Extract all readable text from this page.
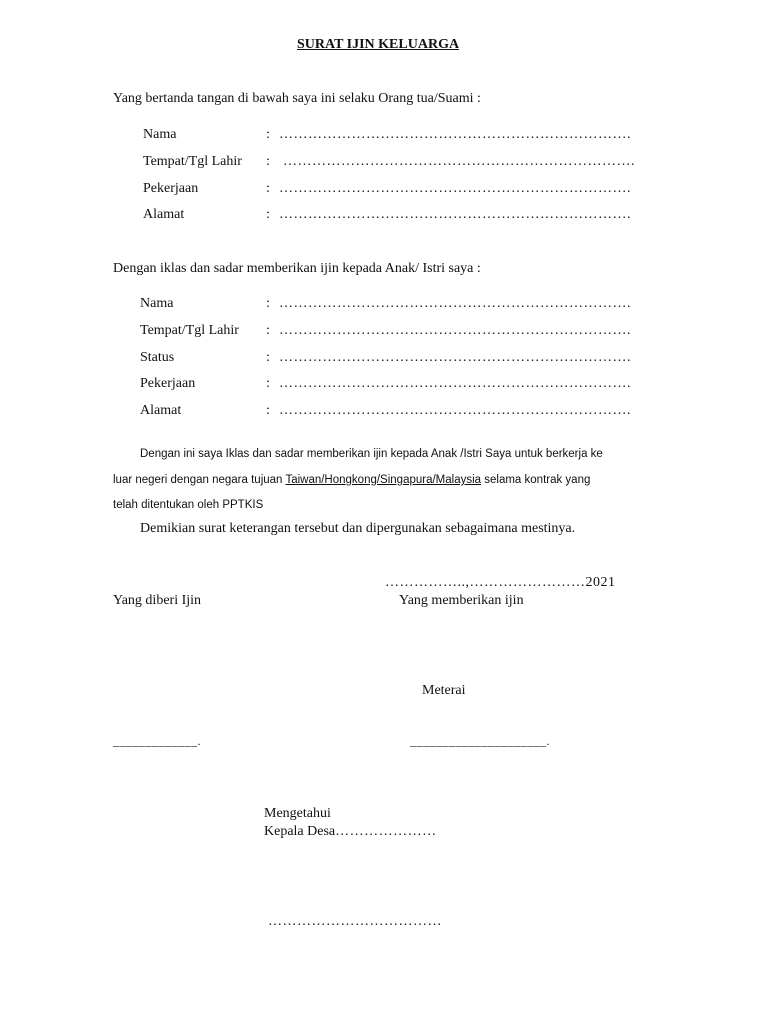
SURAT IJIN KELUARGA
Yang bertanda tangan di bawah saya ini selaku Orang tua/Suami :
Nama	: ……………………………………………………………….
Tempat/Tgl Lahir : ……………………………………………………………….
Pekerjaan	: ……………………………………………………………….
Alamat	: ……………………………………………………………….
Dengan iklas dan sadar memberikan ijin kepada Anak/ Istri saya :
Nama	: ……………………………………………………………….
Tempat/Tgl Lahir : ……………………………………………………………….
Status	: ……………………………………………………………….
Pekerjaan	: ……………………………………………………………….
Alamat	: ……………………………………………………………….
Dengan ini saya Iklas dan sadar memberikan ijin kepada Anak /Istri Saya untuk berkerja ke
luar negeri dengan negara tujuan Taiwan/Hongkong/Singapura/Malaysia selama kontrak yang
telah ditentukan oleh PPTKIS
Demikian surat keterangan tersebut dan dipergunakan sebagaimana mestinya.
……………..,……………………2021
Yang diberi Ijin	Yang memberikan ijin
Meterai
_____________.	_____________________.
Mengetahui
Kepala Desa…………………
………………………………
